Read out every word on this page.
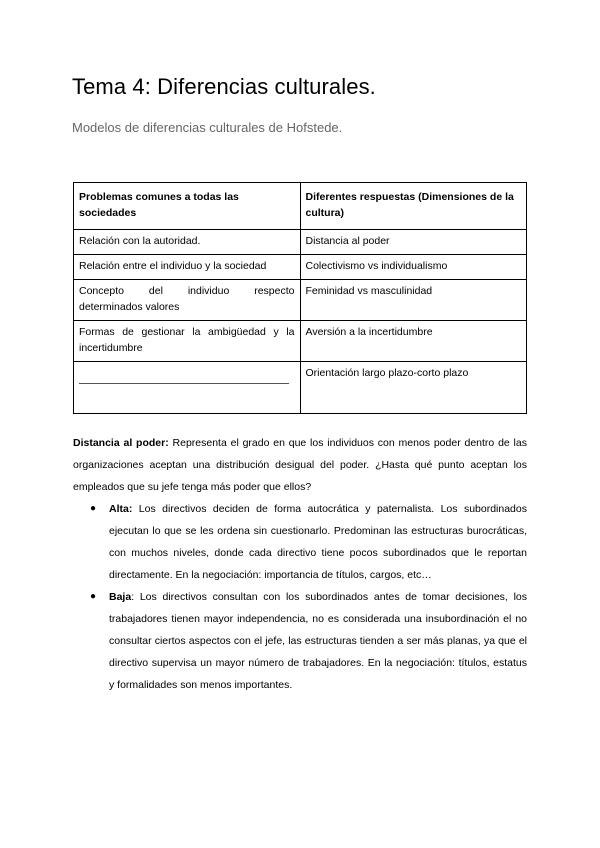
Tema 4: Diferencias culturales.
Modelos de diferencias culturales de Hofstede.
Problemas comunes a todas las sociedades	Diferentes respuestas (Dimensiones de la cultura)
Relación con la autoridad.	Distancia al poder
Relación entre el individuo y la sociedad	Colectivismo vs individualismo
Concepto del individuo respecto determinados valores	Feminidad vs masculinidad
Formas de gestionar la ambigüedad y la incertidumbre	Aversión a la incertidumbre

	Orientación largo plazo-corto plazo

Distancia al poder: Representa el grado en que los individuos con menos poder dentro de las organizaciones aceptan una distribución desigual del poder. ¿Hasta qué punto aceptan los empleados que su jefe tenga más poder que ellos?

● Alta: Los directivos deciden de forma autocrática y paternalista. Los subordinados ejecutan lo que se les ordena sin cuestionarlo. Predominan las estructuras burocráticas, con muchos niveles, donde cada directivo tiene pocos subordinados que le reportan directamente. En la negociación: importancia de títulos, cargos, etc…
● Baja: Los directivos consultan con los subordinados antes de tomar decisiones, los trabajadores tienen mayor independencia, no es considerada una insubordinación el no consultar ciertos aspectos con el jefe, las estructuras tienden a ser más planas, ya que el directivo supervisa un mayor número de trabajadores. En la negociación: títulos, estatus y formalidades son menos importantes.
